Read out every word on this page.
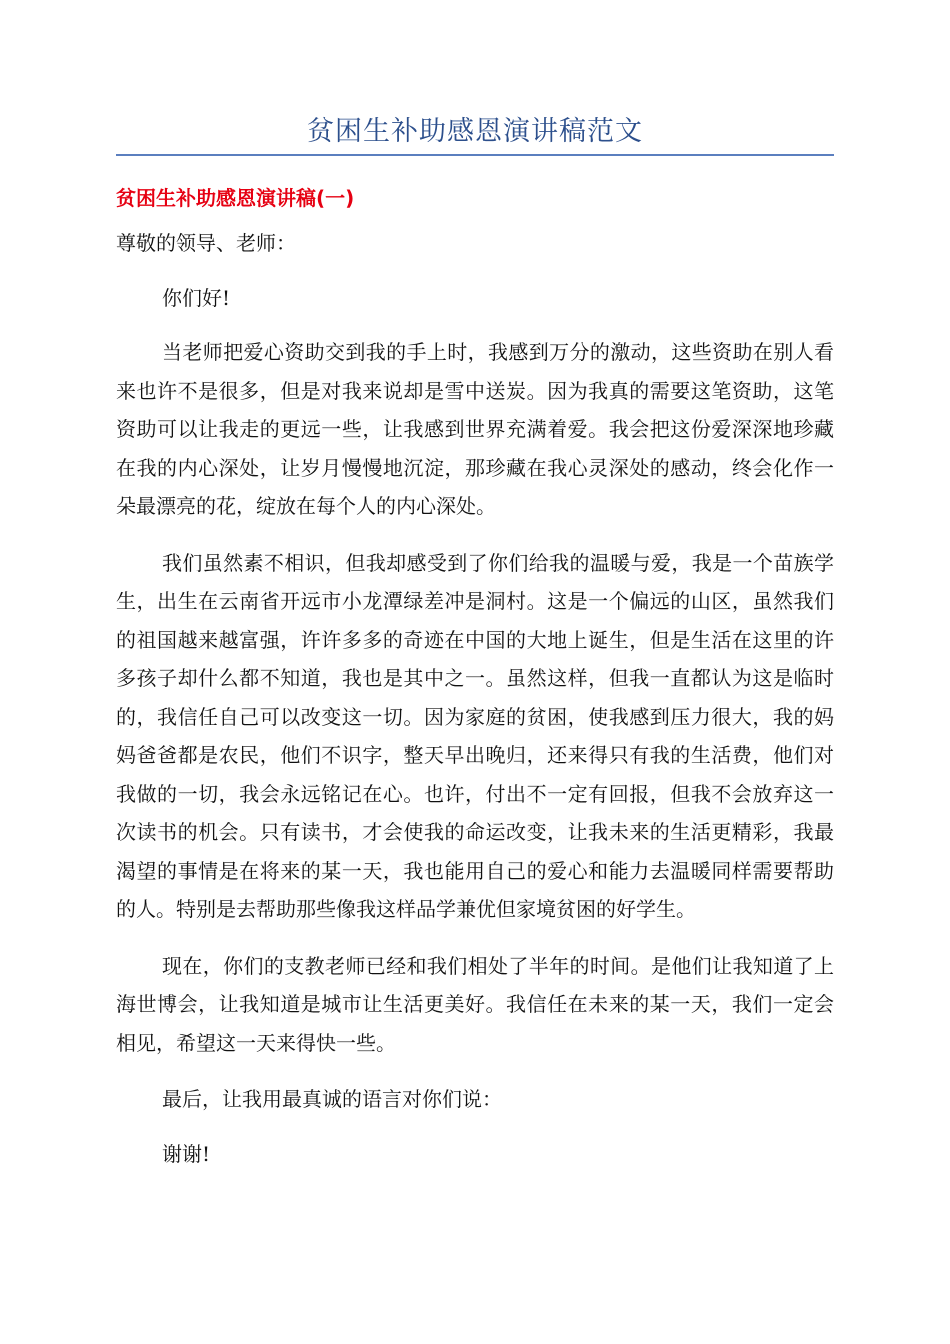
贫困生补助感恩演讲稿范文
贫困生补助感恩演讲稿(一)

尊敬的领导、老师：

你们好!

当老师把爱心资助交到我的手上时，我感到万分的激动，这些资助在别人看来也许不是很多，但是对我来说却是雪中送炭。因为我真的需要这笔资助，这笔资助可以让我走的更远一些，让我感到世界充满着爱。我会把这份爱深深地珍藏在我的内心深处，让岁月慢慢地沉淀，那珍藏在我心灵深处的感动，终会化作一朵最漂亮的花，绽放在每个人的内心深处。

我们虽然素不相识，但我却感受到了你们给我的温暖与爱，我是一个苗族学生，出生在云南省开远市小龙潭绿差冲是洞村。这是一个偏远的山区，虽然我们的祖国越来越富强，许许多多的奇迹在中国的大地上诞生，但是生活在这里的许多孩子却什么都不知道，我也是其中之一。虽然这样，但我一直都认为这是临时的，我信任自己可以改变这一切。因为家庭的贫困，使我感到压力很大，我的妈妈爸爸都是农民，他们不识字，整天早出晚归，还来得只有我的生活费，他们对我做的一切，我会永远铭记在心。也许，付出不一定有回报，但我不会放弃这一次读书的机会。只有读书，才会使我的命运改变，让我未来的生活更精彩，我最渴望的事情是在将来的某一天，我也能用自己的爱心和能力去温暖同样需要帮助的人。特别是去帮助那些像我这样品学兼优但家境贫困的好学生。

现在，你们的支教老师已经和我们相处了半年的时间。是他们让我知道了上海世博会，让我知道是城市让生活更美好。我信任在未来的某一天，我们一定会相见，希望这一天来得快一些。

最后，让我用最真诚的语言对你们说：

谢谢!
